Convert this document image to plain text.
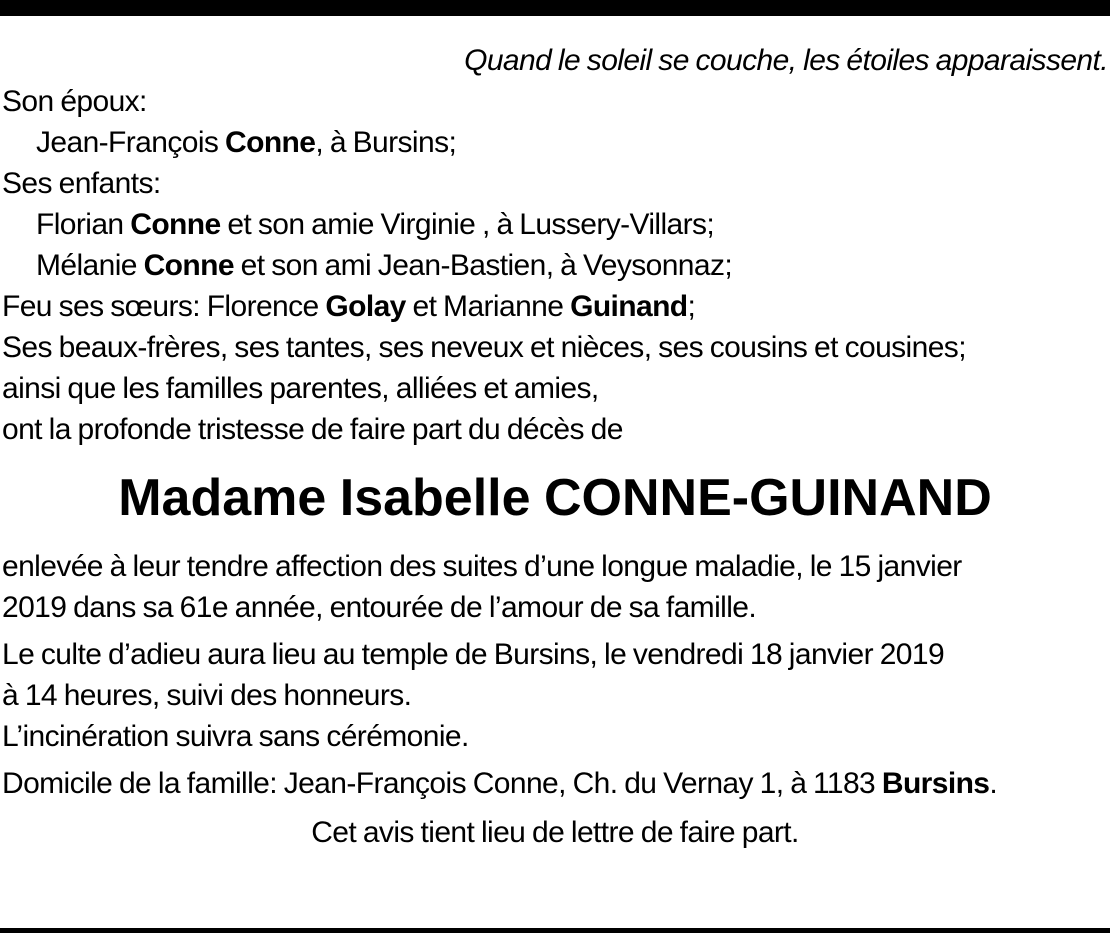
Quand le soleil se couche, les étoiles apparaissent.

Son époux:

Jean-François Conne, à Bursins;

Ses enfants:

Florian Conne et son amie Virginie , à Lussery-Villars;

Mélanie Conne et son ami Jean-Bastien, à Veysonnaz;

Feu ses sœurs: Florence Golay et Marianne Guinand;

Ses beaux-frères, ses tantes, ses neveux et nièces, ses cousins et cousines;

ainsi que les familles parentes, alliées et amies,

ont la profonde tristesse de faire part du décès de

Madame Isabelle CONNE-GUINAND

enlevée à leur tendre affection des suites d’une longue maladie, le 15 janvier

2019 dans sa 61e année, entourée de l’amour de sa famille.

Le culte d’adieu aura lieu au temple de Bursins, le vendredi 18 janvier 2019

à 14 heures, suivi des honneurs.

L’incinération suivra sans cérémonie.

Domicile de la famille: Jean-François Conne, Ch. du Vernay 1, à 1183 Bursins.

Cet avis tient lieu de lettre de faire part.
